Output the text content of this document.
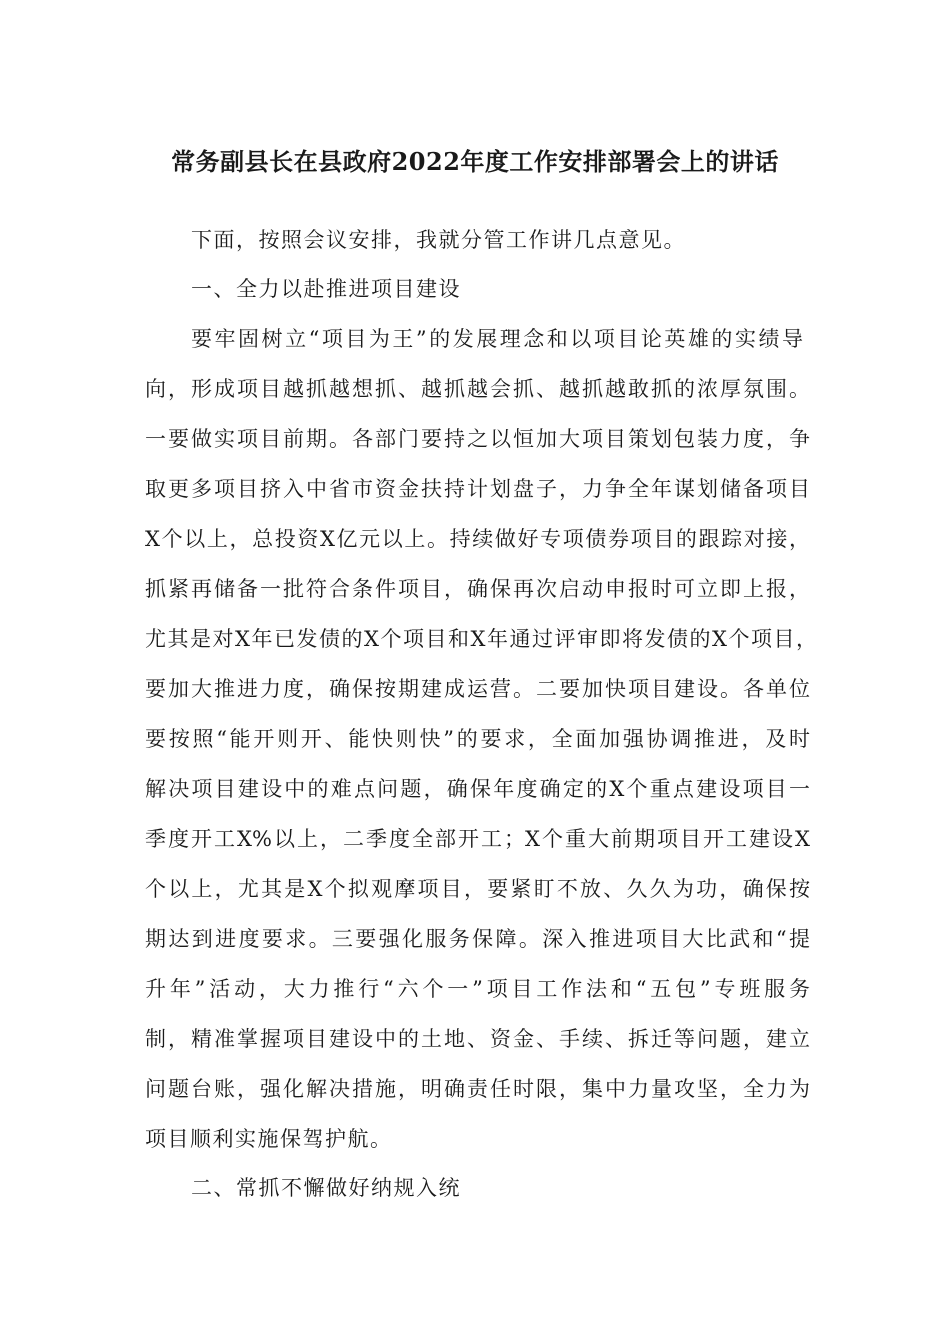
常务副县长在县政府2022年度工作安排部署会上的讲话
下面，按照会议安排，我就分管工作讲几点意见。
一、全力以赴推进项目建设
要牢固树立“项目为王”的发展理念和以项目论英雄的实绩导
向，形成项目越抓越想抓、越抓越会抓、越抓越敢抓的浓厚氛围。
一要做实项目前期。各部门要持之以恒加大项目策划包装力度，争
取更多项目挤入中省市资金扶持计划盘子，力争全年谋划储备项目
X个以上，总投资X亿元以上。持续做好专项债券项目的跟踪对接，
抓紧再储备一批符合条件项目，确保再次启动申报时可立即上报，
尤其是对X年已发债的X个项目和X年通过评审即将发债的X个项目，
要加大推进力度，确保按期建成运营。二要加快项目建设。各单位
要按照“能开则开、能快则快”的要求，全面加强协调推进，及时
解决项目建设中的难点问题，确保年度确定的X个重点建设项目一
季度开工X%以上，二季度全部开工；X个重大前期项目开工建设X
个以上，尤其是X个拟观摩项目，要紧盯不放、久久为功，确保按
期达到进度要求。三要强化服务保障。深入推进项目大比武和“提
升年”活动，大力推行“六个一”项目工作法和“五包”专班服务
制，精准掌握项目建设中的土地、资金、手续、拆迁等问题，建立
问题台账，强化解决措施，明确责任时限，集中力量攻坚，全力为
项目顺利实施保驾护航。
二、常抓不懈做好纳规入统
